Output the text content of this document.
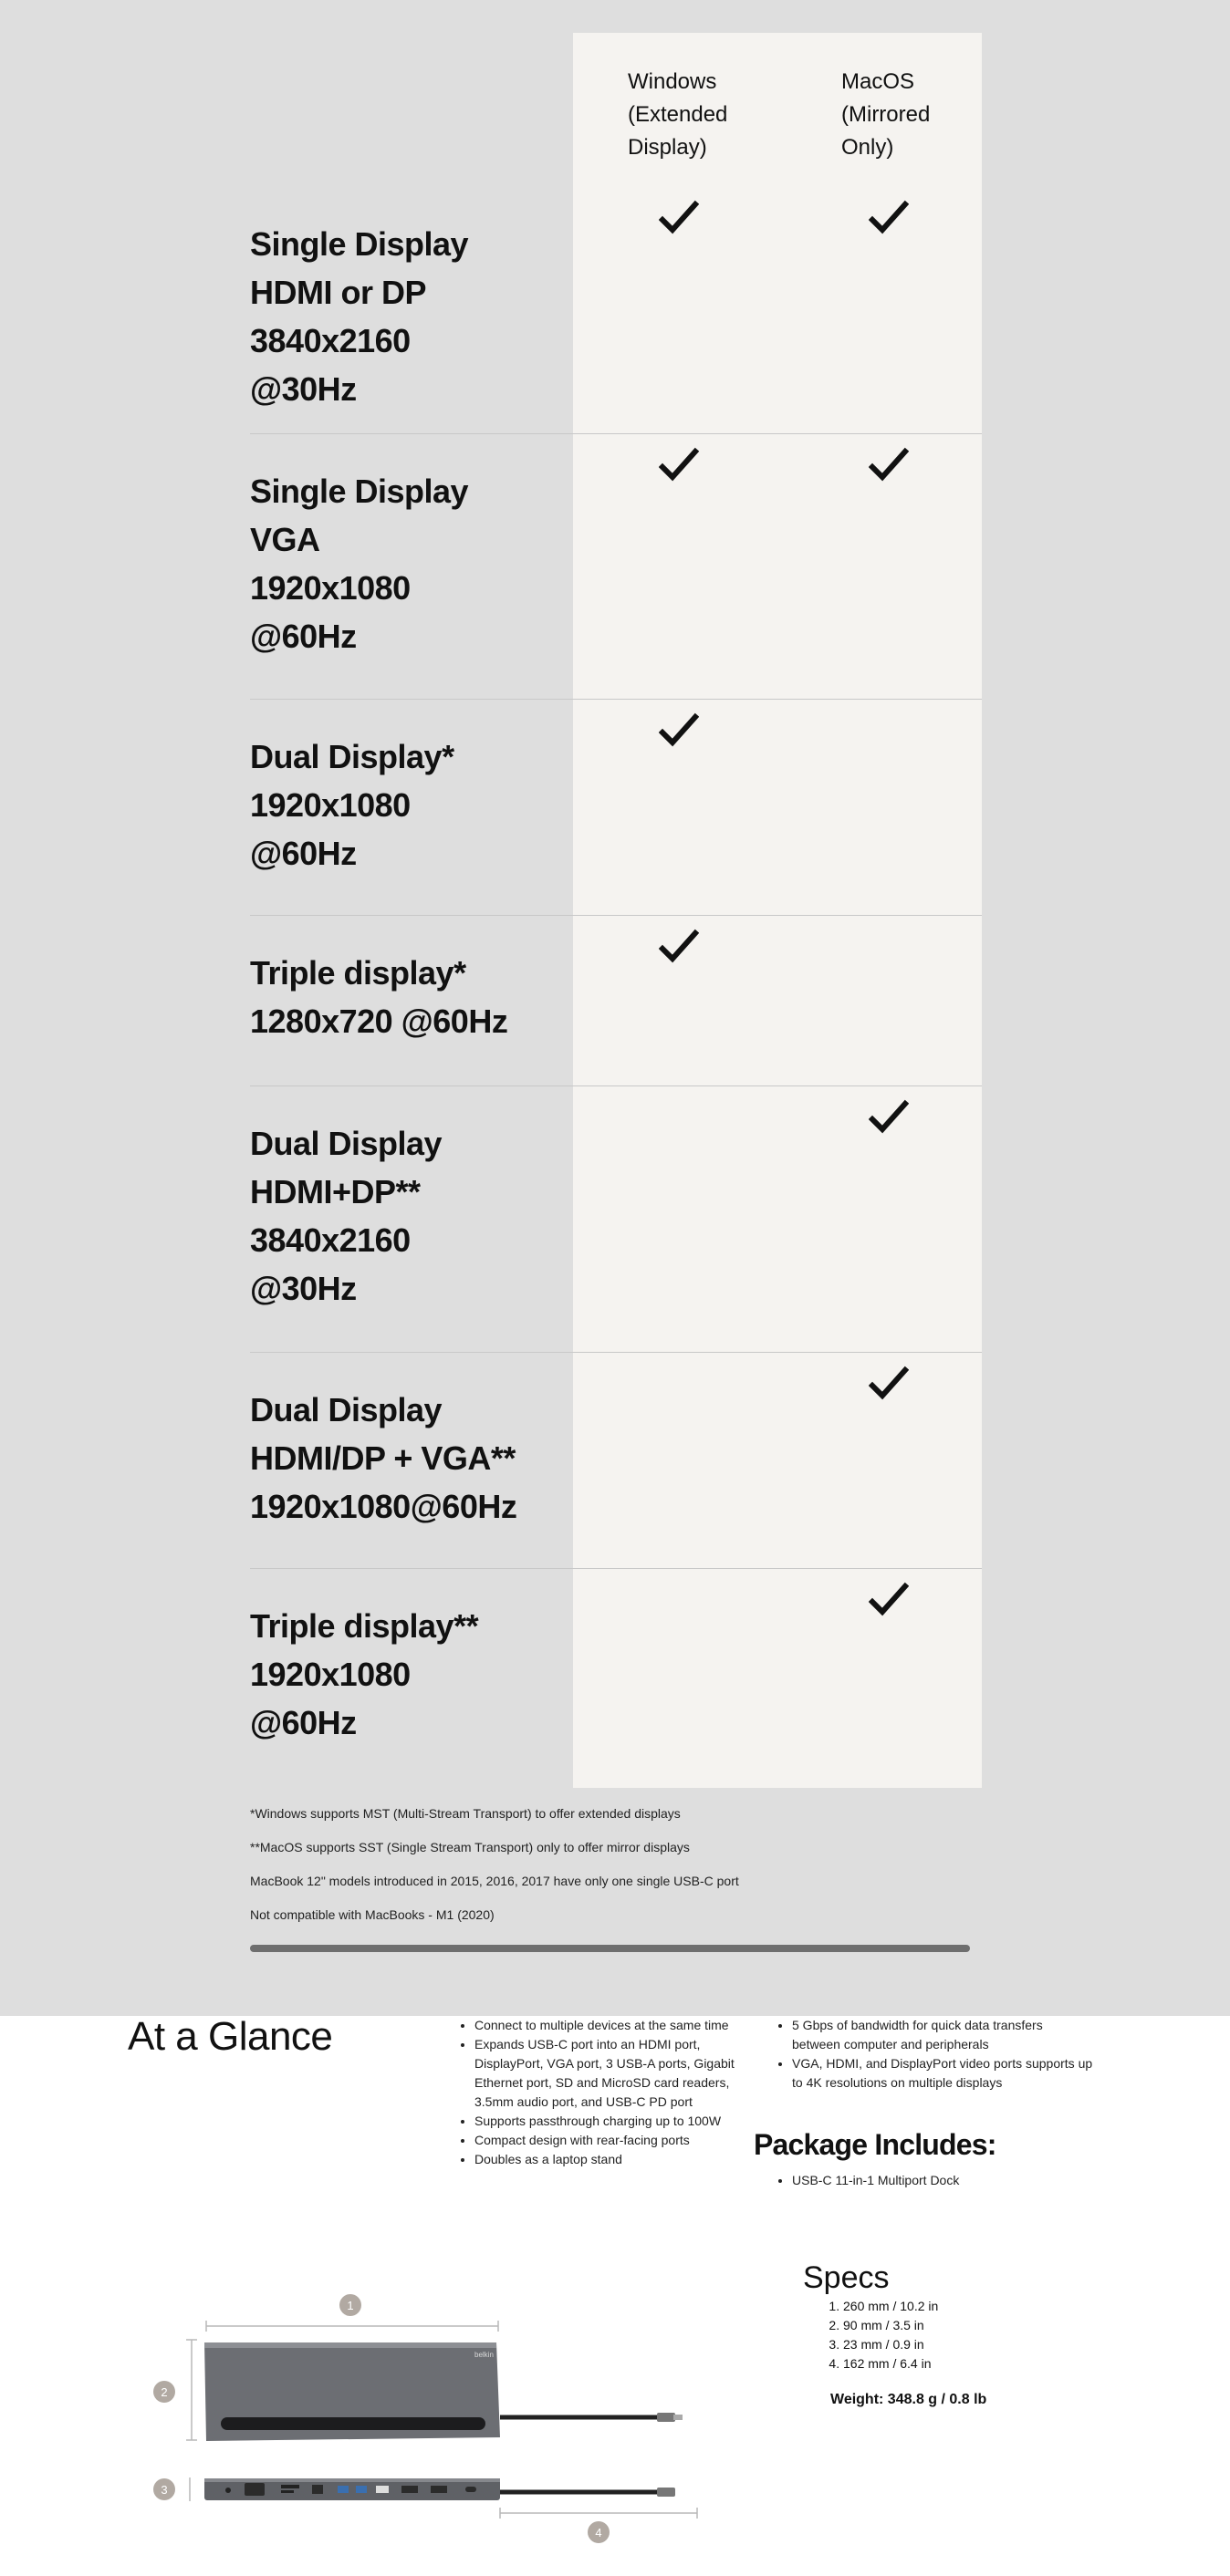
Windows
(Extended
Display)
MacOS
(Mirrored
Only)
Single Display
HDMI or DP
3840x2160
@30Hz
Single Display
VGA
1920x1080
@60Hz
Dual Display*
1920x1080
@60Hz
Triple display*
1280x720 @60Hz
Dual Display
HDMI+DP**
3840x2160
@30Hz
Dual Display
HDMI/DP + VGA**
1920x1080@60Hz
Triple display**
1920x1080
@60Hz

*Windows supports MST (Multi-Stream Transport) to offer extended displays

**MacOS supports SST (Single Stream Transport) only to offer mirror displays

MacBook 12" models introduced in 2015, 2016, 2017 have only one single USB-C port

Not compatible with MacBooks - M1 (2020)

At a Glance
•	Connect to multiple devices at the same time
• Expands USB-C port into an HDMI port, DisplayPort, VGA port, 3 USB-A ports, Gigabit Ethernet port, SD and MicroSD card readers, 3.5mm audio port, and USB-C PD port
• Supports passthrough charging up to 100W
• Compact design with rear-facing ports
• Doubles as a laptop stand
• 5 Gbps of bandwidth for quick data transfers between computer and peripherals
• VGA, HDMI, and DisplayPort video ports supports up to 4K resolutions on multiple displays
Package Includes:
• USB-C 11-in-1 Multiport Dock
1
2
belkin
3
4
Specs
1. 260 mm / 10.2 in
2. 90 mm / 3.5 in
3. 23 mm / 0.9 in
4. 162 mm / 6.4 in
Weight: 348.8 g / 0.8 lb
